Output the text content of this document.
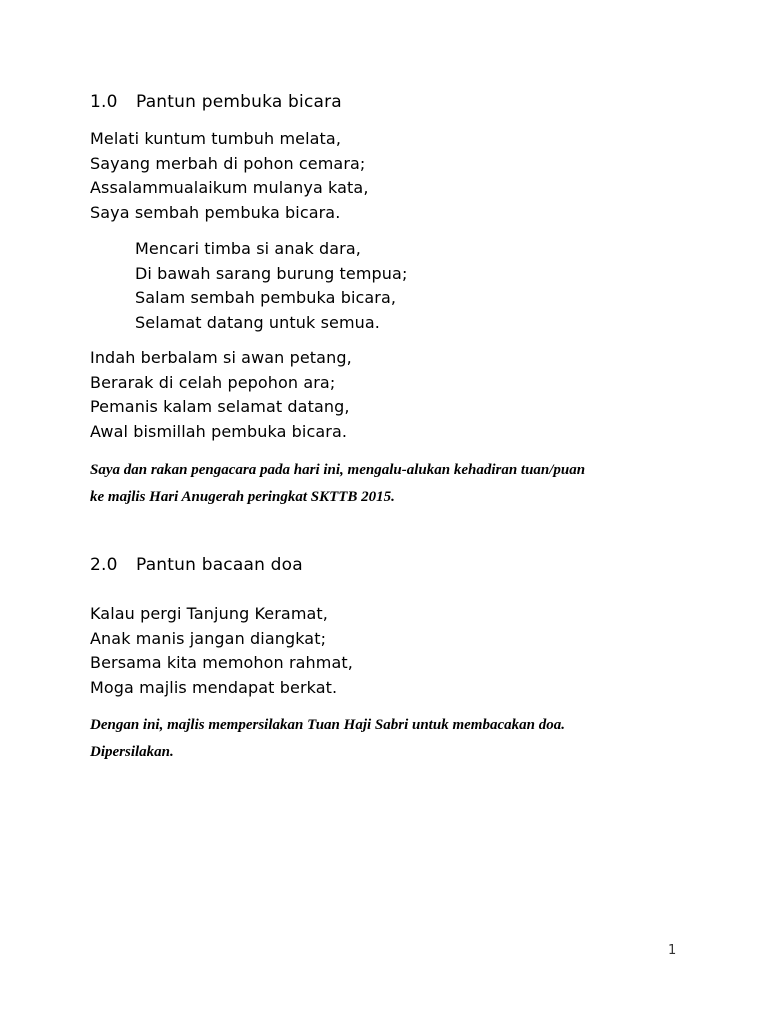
1.0 Pantun pembuka bicara
Melati kuntum tumbuh melata,
Sayang merbah di pohon cemara;
Assalammualaikum mulanya kata,
Saya sembah pembuka bicara.
Mencari timba si anak dara,
Di bawah sarang burung tempua;
Salam sembah pembuka bicara,
Selamat datang untuk semua.
Indah berbalam si awan petang,
Berarak di celah pepohon ara;
Pemanis kalam selamat datang,
Awal bismillah pembuka bicara.

Saya dan rakan pengacara pada hari ini, mengalu-alukan kehadiran tuan/puan
ke majlis Hari Anugerah peringkat SKTTB 2015.

2.0 Pantun bacaan doa
Kalau pergi Tanjung Keramat,
Anak manis jangan diangkat;
Bersama kita memohon rahmat,
Moga majlis mendapat berkat.

Dengan ini, majlis mempersilakan Tuan Haji Sabri untuk membacakan doa.
Dipersilakan.

1
